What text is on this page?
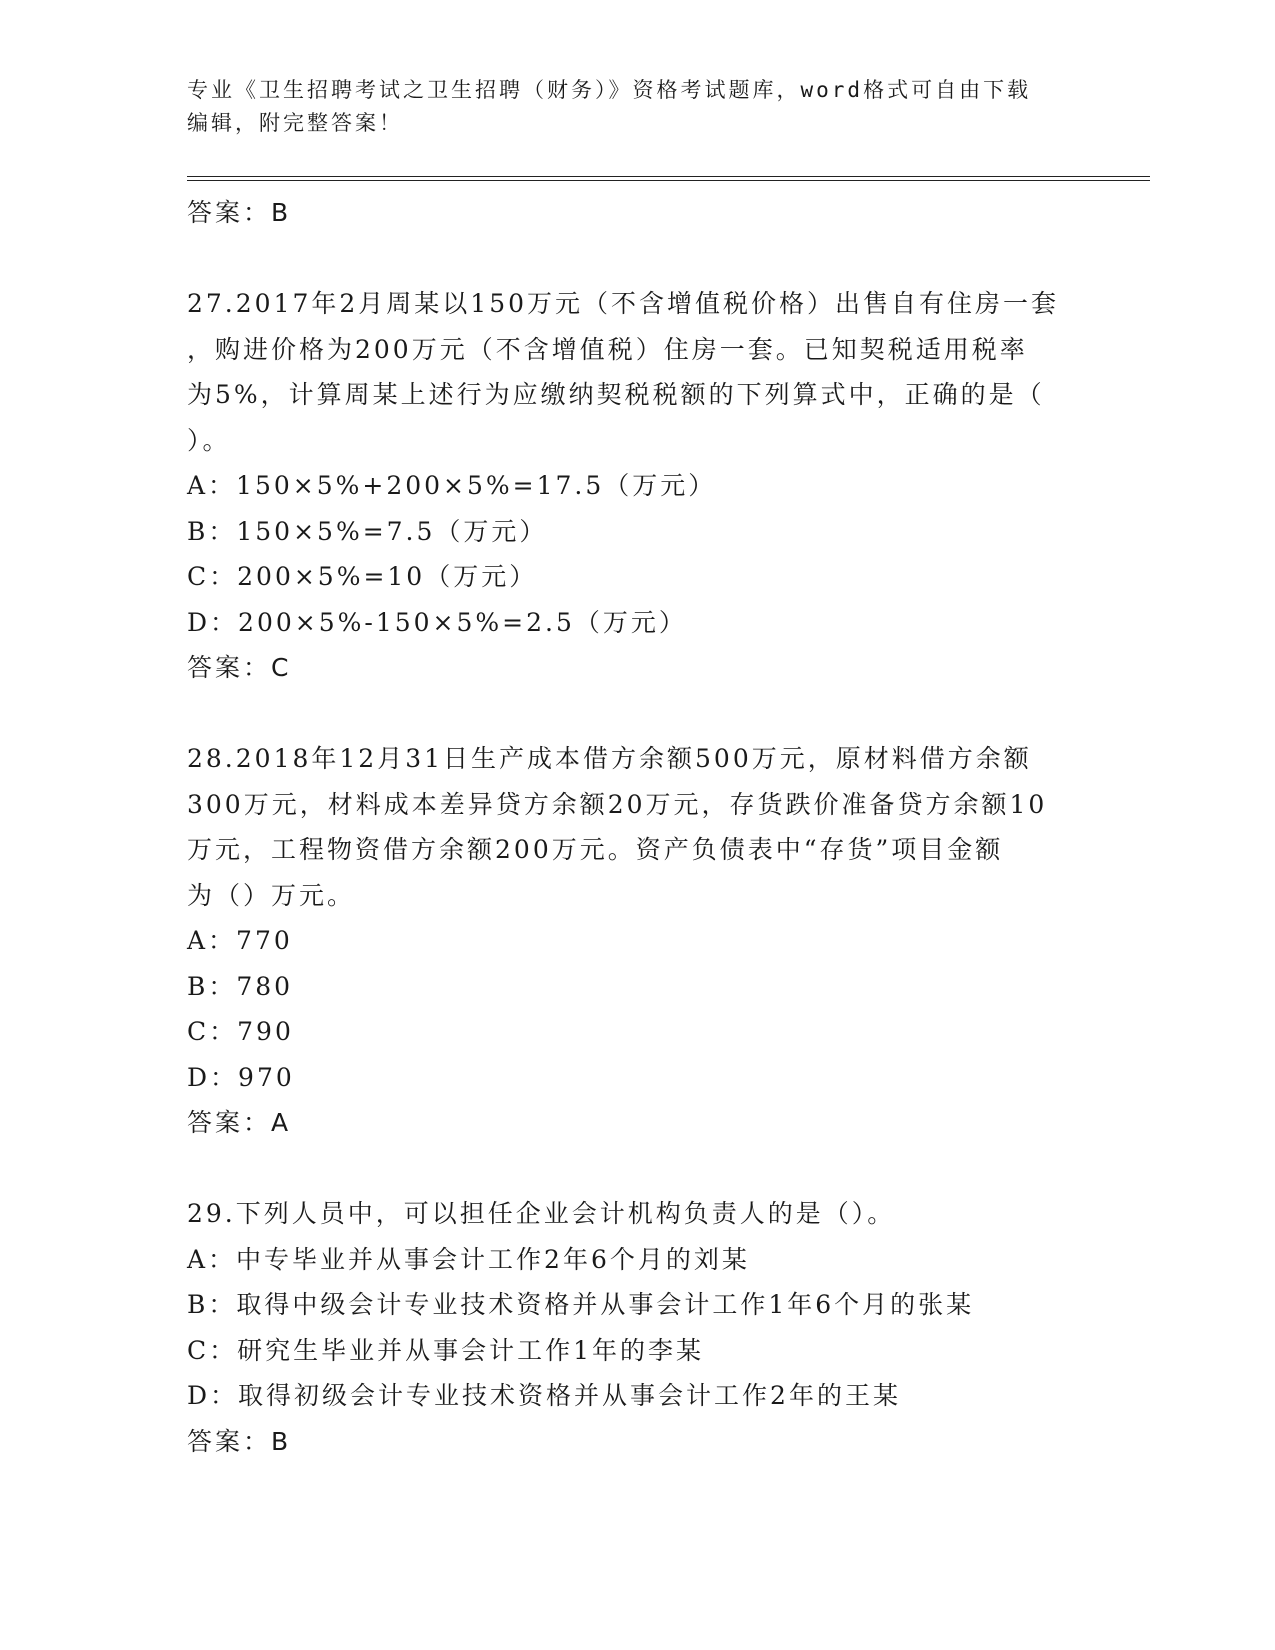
专业《卫生招聘考试之卫生招聘（财务）》资格考试题库，word格式可自由下载
编辑，附完整答案！
答案：B
27.2017年2月周某以150万元（不含增值税价格）出售自有住房一套
，购进价格为200万元（不含增值税）住房一套。已知契税适用税率
为5%，计算周某上述行为应缴纳契税税额的下列算式中，正确的是（
）。
A：150×5%+200×5%=17.5（万元）
B：150×5%=7.5（万元）
C：200×5%=10（万元）
D：200×5%-150×5%=2.5（万元）
答案：C
28.2018年12月31日生产成本借方余额500万元，原材料借方余额
300万元，材料成本差异贷方余额20万元，存货跌价准备贷方余额10
万元，工程物资借方余额200万元。资产负债表中“存货”项目金额
为（）万元。
A：770
B：780
C：790
D：970
答案：A
29.下列人员中，可以担任企业会计机构负责人的是（）。
A：中专毕业并从事会计工作2年6个月的刘某
B：取得中级会计专业技术资格并从事会计工作1年6个月的张某
C：研究生毕业并从事会计工作1年的李某
D：取得初级会计专业技术资格并从事会计工作2年的王某
答案：B
